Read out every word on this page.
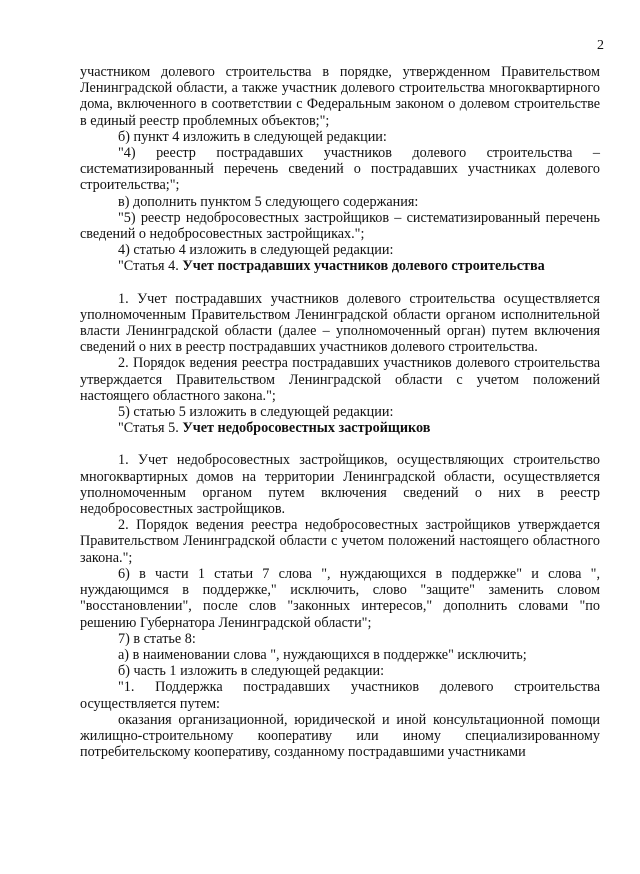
2

участником долевого строительства в порядке, утвержденном Правительством Ленинградской области, а также участник долевого строительства многоквартирного дома, включенного в соответствии с Федеральным законом о долевом строительстве в единый реестр проблемных объектов;";

б) пункт 4 изложить в следующей редакции:

"4) реестр пострадавших участников долевого строительства – систематизированный перечень сведений о пострадавших участниках долевого строительства;";

в) дополнить пунктом 5 следующего содержания:

"5) реестр недобросовестных застройщиков – систематизированный перечень сведений о недобросовестных застройщиках.";

4) статью 4 изложить в следующей редакции:

"Статья 4. Учет пострадавших участников долевого строительства

1. Учет пострадавших участников долевого строительства осуществляется уполномоченным Правительством Ленинградской области органом исполнительной власти Ленинградской области (далее – уполномоченный орган) путем включения сведений о них в реестр пострадавших участников долевого строительства.

2. Порядок ведения реестра пострадавших участников долевого строительства утверждается Правительством Ленинградской области с учетом положений настоящего областного закона.";

5) статью 5 изложить в следующей редакции:

"Статья 5. Учет недобросовестных застройщиков

1. Учет недобросовестных застройщиков, осуществляющих строительство многоквартирных домов на территории Ленинградской области, осуществляется уполномоченным органом путем включения сведений о них в реестр недобросовестных застройщиков.

2. Порядок ведения реестра недобросовестных застройщиков утверждается Правительством Ленинградской области с учетом положений настоящего областного закона.";

6) в части 1 статьи 7 слова ", нуждающихся в поддержке" и слова ", нуждающимся в поддержке," исключить, слово "защите" заменить словом "восстановлении", после слов "законных интересов," дополнить словами "по решению Губернатора Ленинградской области";

7) в статье 8:

а) в наименовании слова ", нуждающихся в поддержке" исключить;

б) часть 1 изложить в следующей редакции:

"1. Поддержка пострадавших участников долевого строительства осуществляется путем:

оказания организационной, юридической и иной консультационной помощи жилищно-строительному кооперативу или иному специализированному потребительскому кооперативу, созданному пострадавшими участниками
